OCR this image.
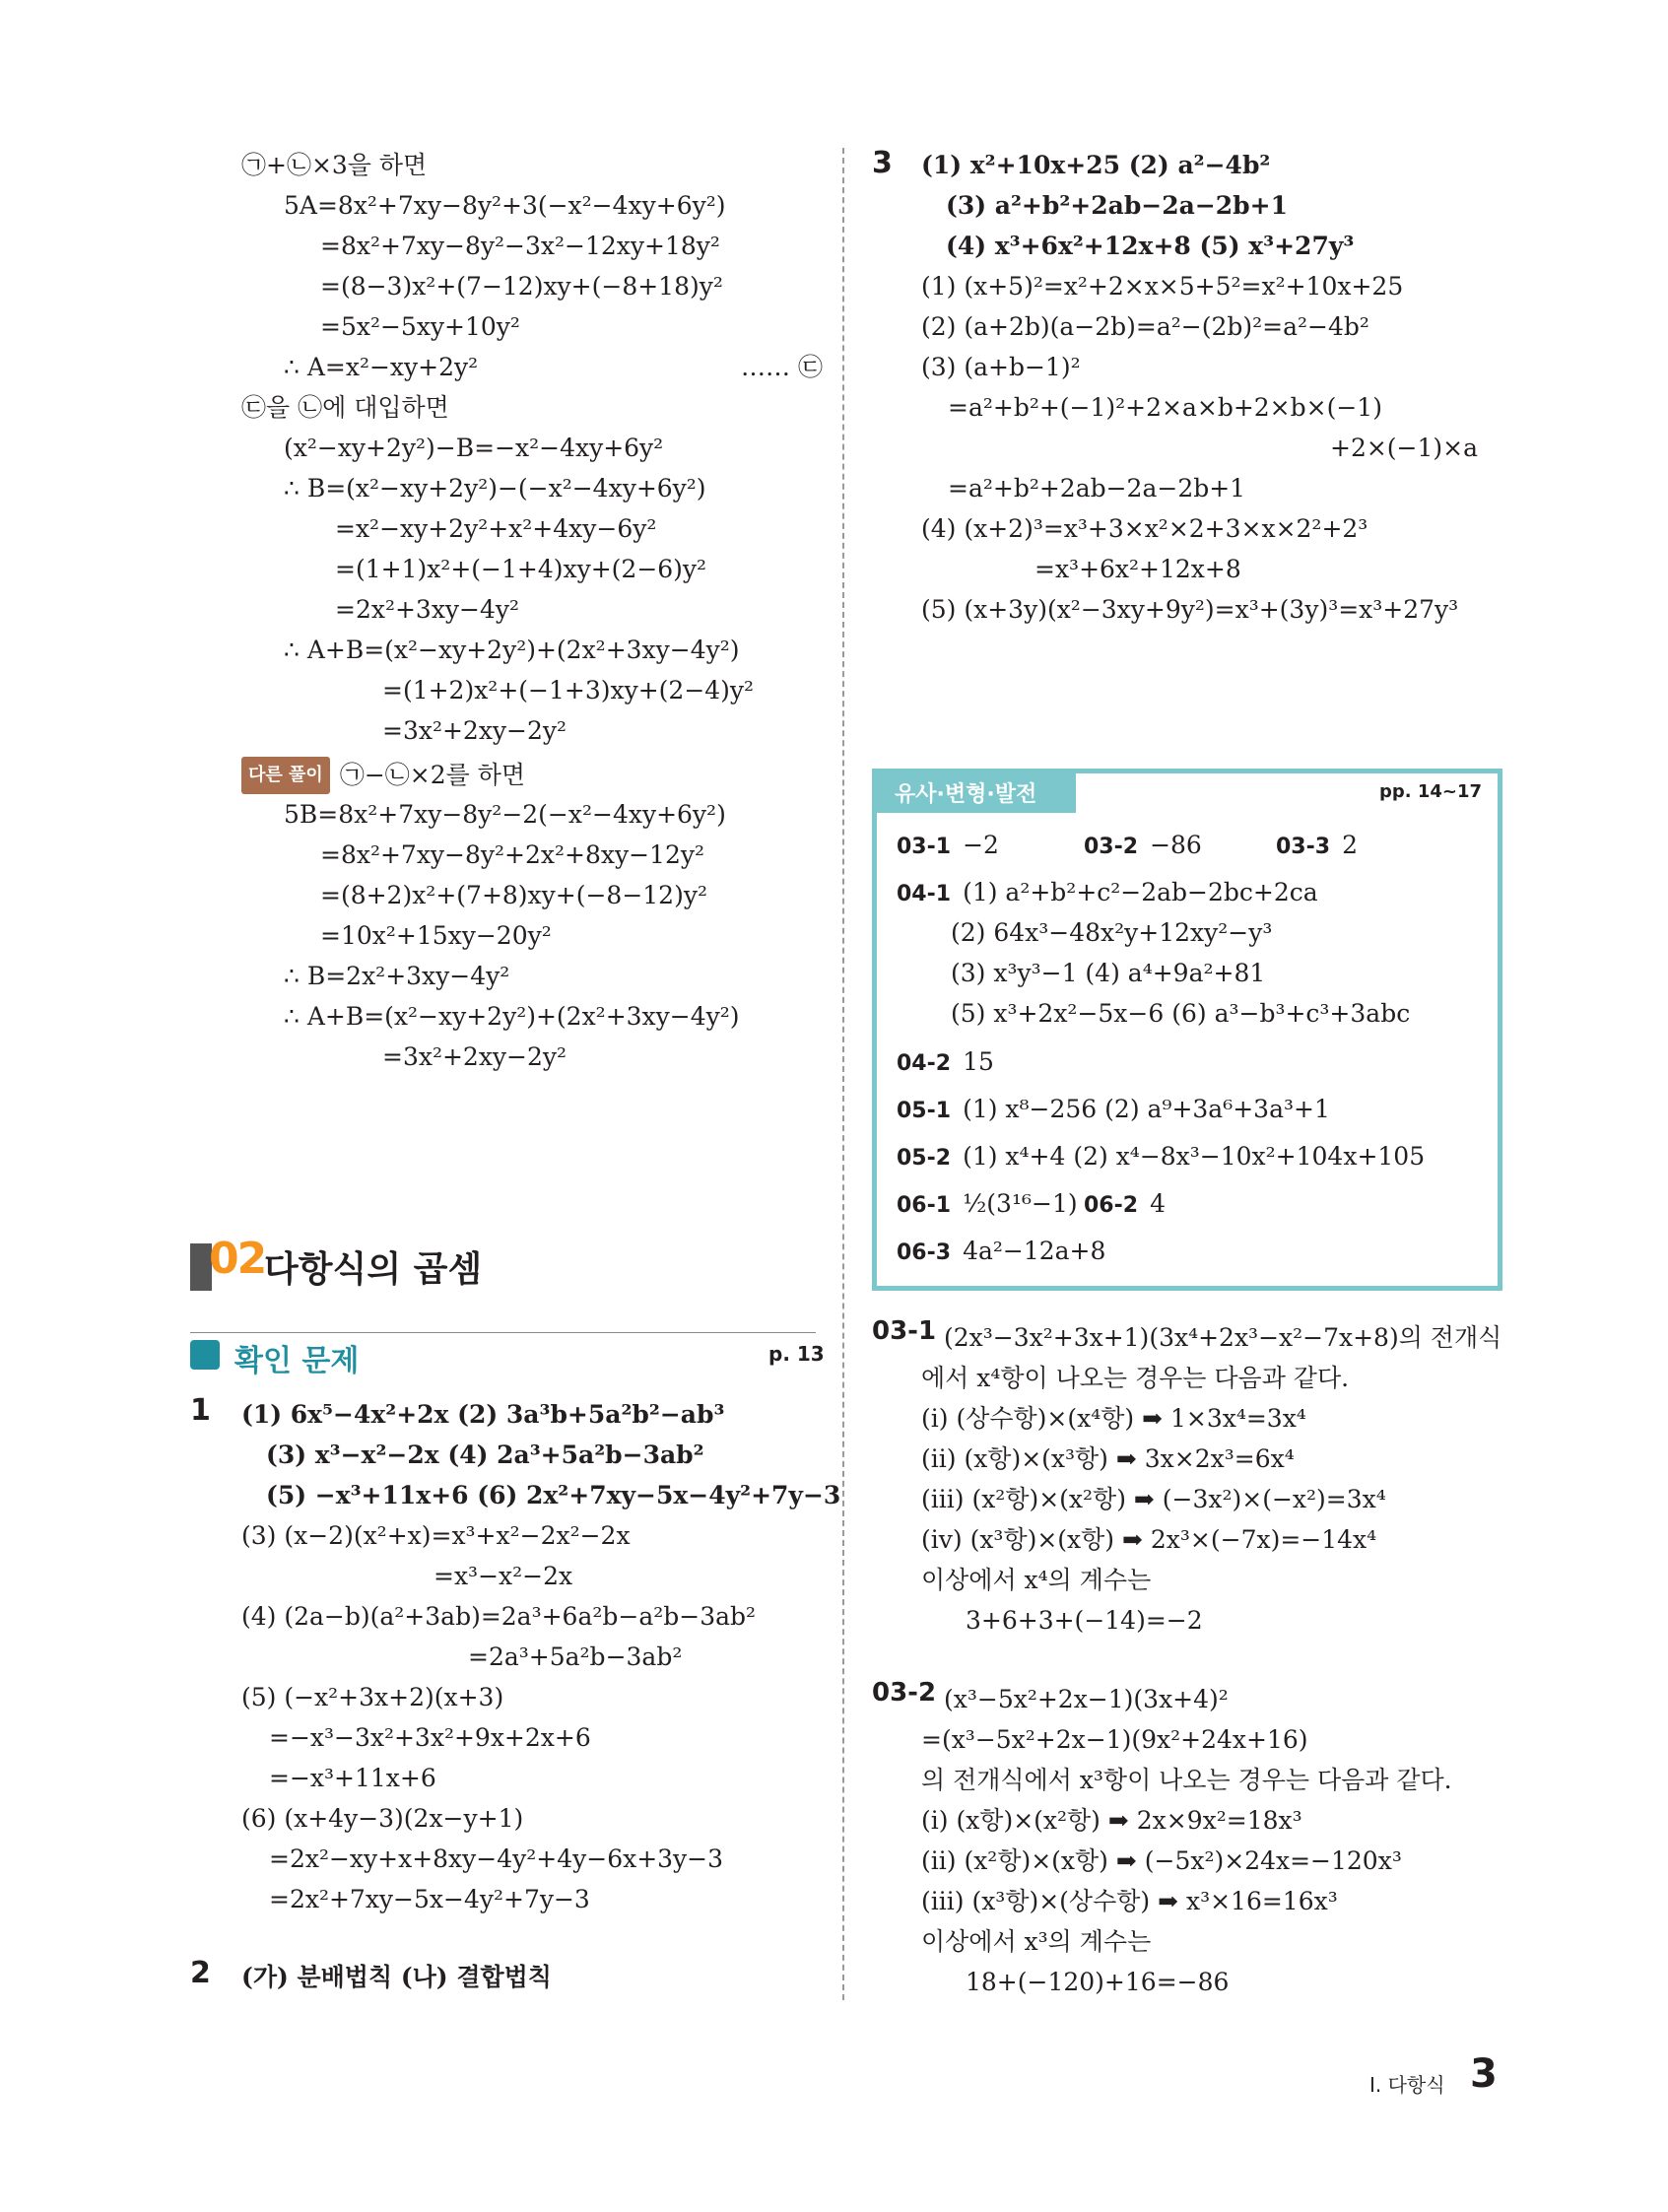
㉠+㉡×3을 하면
5A=8x²+7xy−8y²+3(−x²−4xy+6y²)
=8x²+7xy−8y²−3x²−12xy+18y²
=(8−3)x²+(7−12)xy+(−8+18)y²
=5x²−5xy+10y²
∴ A=x²−xy+2y²	…… ㉢
㉢을 ㉡에 대입하면
(x²−xy+2y²)−B=−x²−4xy+6y²
∴ B=(x²−xy+2y²)−(−x²−4xy+6y²)
=x²−xy+2y²+x²+4xy−6y²
=(1+1)x²+(−1+4)xy+(2−6)y²
=2x²+3xy−4y²
∴ A+B=(x²−xy+2y²)+(2x²+3xy−4y²)
=(1+2)x²+(−1+3)xy+(2−4)y²
=3x²+2xy−2y²
다른 풀이 ㉠−㉡×2를 하면
5B=8x²+7xy−8y²−2(−x²−4xy+6y²)
=8x²+7xy−8y²+2x²+8xy−12y²
=(8+2)x²+(7+8)xy+(−8−12)y²
=10x²+15xy−20y²
∴ B=2x²+3xy−4y²
∴ A+B=(x²−xy+2y²)+(2x²+3xy−4y²)
=3x²+2xy−2y²
02
다항식의 곱셈
확인 문제	p. 13
1 (1) 6x⁵−4x²+2x (2) 3a³b+5a²b²−ab³
(3) x³−x²−2x (4) 2a³+5a²b−3ab²
(5) −x³+11x+6 (6) 2x²+7xy−5x−4y²+7y−3
(3) (x−2)(x²+x)=x³+x²−2x²−2x
=x³−x²−2x
(4) (2a−b)(a²+3ab)=2a³+6a²b−a²b−3ab²
=2a³+5a²b−3ab²
(5) (−x²+3x+2)(x+3)
=−x³−3x²+3x²+9x+2x+6
=−x³+11x+6
(6) (x+4y−3)(2x−y+1)
=2x²−xy+x+8xy−4y²+4y−6x+3y−3
=2x²+7xy−5x−4y²+7y−3
2 (가) 분배법칙 (나) 결합법칙
3 (1) x²+10x+25 (2) a²−4b²
(3) a²+b²+2ab−2a−2b+1
(4) x³+6x²+12x+8 (5) x³+27y³
(1) (x+5)²=x²+2×x×5+5²=x²+10x+25
(2) (a+2b)(a−2b)=a²−(2b)²=a²−4b²
(3) (a+b−1)²
=a²+b²+(−1)²+2×a×b+2×b×(−1)
+2×(−1)×a
=a²+b²+2ab−2a−2b+1
(4) (x+2)³=x³+3×x²×2+3×x×2²+2³
=x³+6x²+12x+8
(5) (x+3y)(x²−3xy+9y²)=x³+(3y)³=x³+27y³
유사·변형·발전	pp. 14~17
03-1 −2	03-2 −86	03-3 2
04-1 (1) a²+b²+c²−2ab−2bc+2ca
(2) 64x³−48x²y+12xy²−y³
(3) x³y³−1 (4) a⁴+9a²+81
(5) x³+2x²−5x−6 (6) a³−b³+c³+3abc
04-2 15
05-1 (1) x⁸−256 (2) a⁹+3a⁶+3a³+1
05-2 (1) x⁴+4 (2) x⁴−8x³−10x²+104x+105
06-1 ½(3¹⁶−1) 06-2 4
06-3 4a²−12a+8
03-1 (2x³−3x²+3x+1)(3x⁴+2x³−x²−7x+8)의 전개식
에서 x⁴항이 나오는 경우는 다음과 같다.
(ⅰ) (상수항)×(x⁴항) ➡ 1×3x⁴=3x⁴
(ⅱ) (x항)×(x³항) ➡ 3x×2x³=6x⁴
(ⅲ) (x²항)×(x²항) ➡ (−3x²)×(−x²)=3x⁴
(ⅳ) (x³항)×(x항) ➡ 2x³×(−7x)=−14x⁴
이상에서 x⁴의 계수는
3+6+3+(−14)=−2
03-2 (x³−5x²+2x−1)(3x+4)²
=(x³−5x²+2x−1)(9x²+24x+16)
의 전개식에서 x³항이 나오는 경우는 다음과 같다.
(ⅰ) (x항)×(x²항) ➡ 2x×9x²=18x³
(ⅱ) (x²항)×(x항) ➡ (−5x²)×24x=−120x³
(ⅲ) (x³항)×(상수항) ➡ x³×16=16x³
이상에서 x³의 계수는
18+(−120)+16=−86
Ⅰ. 다항식 3
